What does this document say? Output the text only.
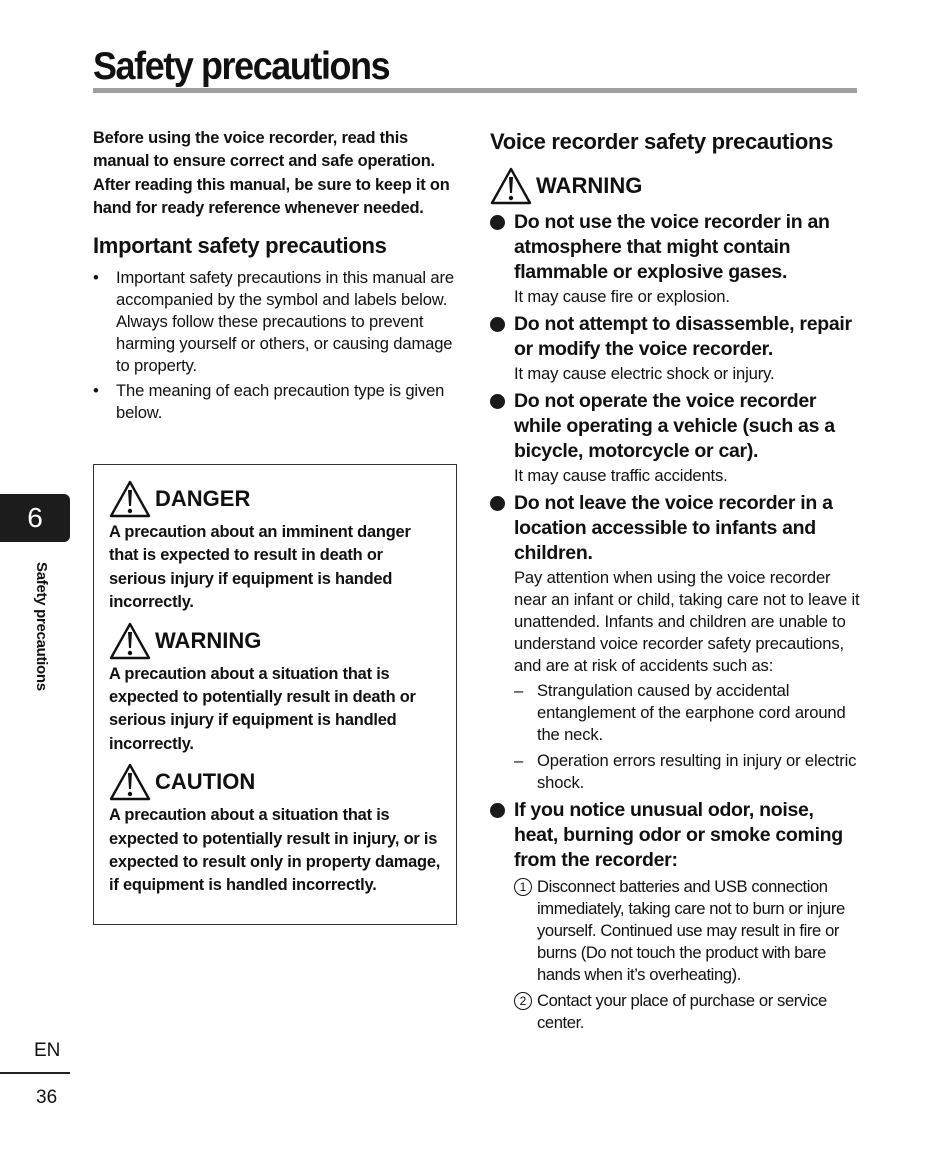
Safety precautions
6
Safety precautions
EN
36

Before using the voice recorder, read this manual to ensure correct and safe operation. After reading this manual, be sure to keep it on hand for ready reference whenever needed.

Important safety precautions
• Important safety precautions in this manual are accompanied by the symbol and labels below. Always follow these precautions to prevent harming yourself or others, or causing damage to property.
• The meaning of each precaution type is given below.
DANGER

A precaution about an imminent danger that is expected to result in death or serious injury if equipment is handed incorrectly.

WARNING

A precaution about a situation that is expected to potentially result in death or serious injury if equipment is handled incorrectly.

CAUTION

A precaution about a situation that is expected to potentially result in injury, or is expected to result only in property damage, if equipment is handled incorrectly.

Voice recorder safety precautions
WARNING
Do not use the voice recorder in an atmosphere that might contain flammable or explosive gases.
It may cause fire or explosion.
Do not attempt to disassemble, repair or modify the voice recorder.
It may cause electric shock or injury.
Do not operate the voice recorder while operating a vehicle (such as a bicycle, motorcycle or car).
It may cause traffic accidents.
Do not leave the voice recorder in a location accessible to infants and children.
Pay attention when using the voice recorder near an infant or child, taking care not to leave it unattended. Infants and children are unable to understand voice recorder safety precautions, and are at risk of accidents such as:
– Strangulation caused by accidental entanglement of the earphone cord around the neck.
– Operation errors resulting in injury or electric shock.
If you notice unusual odor, noise, heat, burning odor or smoke coming from the recorder:
1 Disconnect batteries and USB connection immediately, taking care not to burn or injure yourself. Continued use may result in fire or burns (Do not touch the product with bare hands when it’s overheating).
2 Contact your place of purchase or service center.
